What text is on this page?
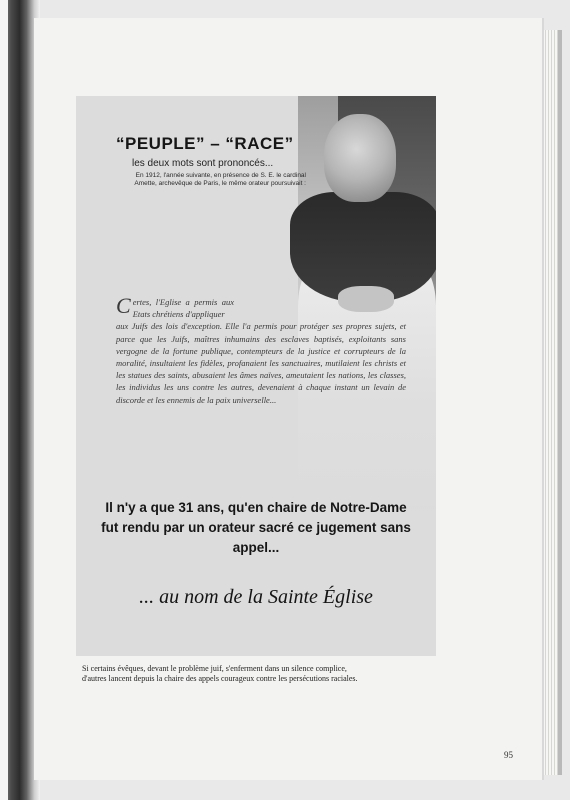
“PEUPLE” – “RACE”
les deux mots sont prononcés...
En 1912, l'année suivante, en présence de S. E. le cardinal Amette, archevêque de Paris, le même orateur poursuivait :
C ertes, l'Eglise a permis aux Etats chrétiens d'appliquer
aux Juifs des lois d'exception. Elle l'a permis pour protéger ses propres sujets, et parce que les Juifs, maîtres inhumains des esclaves baptisés, exploitants sans vergogne de la fortune publique, contempteurs de la justice et corrupteurs de la moralité, insultaient les fidèles, profanaient les sanctuaires, mutilaient les christs et les statues des saints, abusaient les âmes naïves, ameutaient les nations, les classes, les individus les uns contre les autres, devenaient à chaque instant un levain de discorde et les ennemis de la paix universelle...
Il n'y a que 31 ans, qu'en chaire de Notre-Dame fut rendu par un orateur sacré ce jugement sans appel...
... au nom de la Sainte Église
Si certains évêques, devant le problème juif, s'enferment dans un silence complice, d'autres lancent depuis la chaire des appels courageux contre les persécutions raciales.
95
